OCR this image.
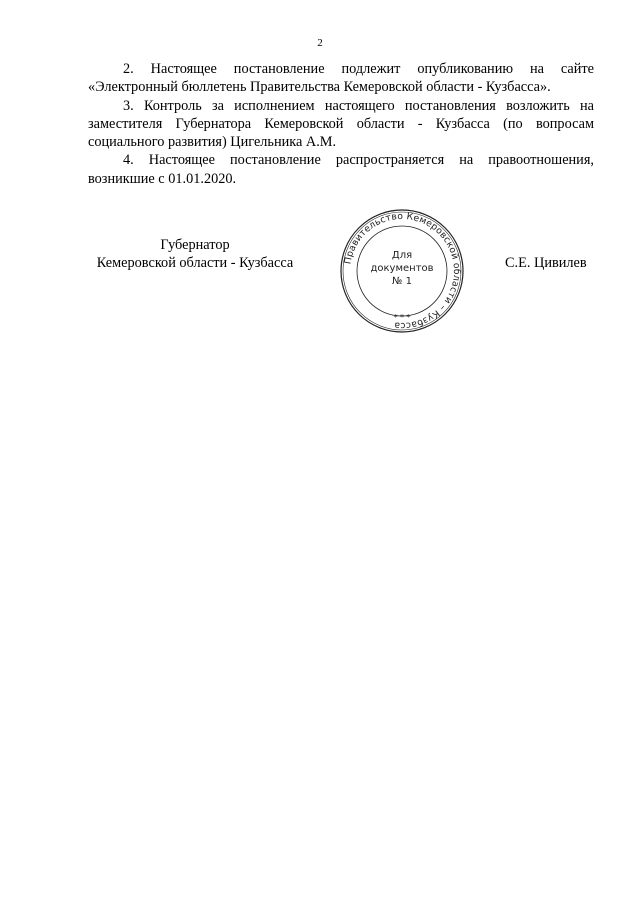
2

2. Настоящее постановление подлежит опубликованию на сайте «Электронный бюллетень Правительства Кемеровской области - Кузбасса».

3. Контроль за исполнением настоящего постановления возложить на заместителя Губернатора Кемеровской области - Кузбасса (по вопросам социального развития) Цигельника А.М.

4. Настоящее постановление распространяется на правоотношения, возникшие с 01.01.2020.

Губернатор
Кемеровской области - Кузбасса	С.Е. Цивилев
Правительство Кемеровской области – Кузбасса
Для
документов
№ 1
* * *
